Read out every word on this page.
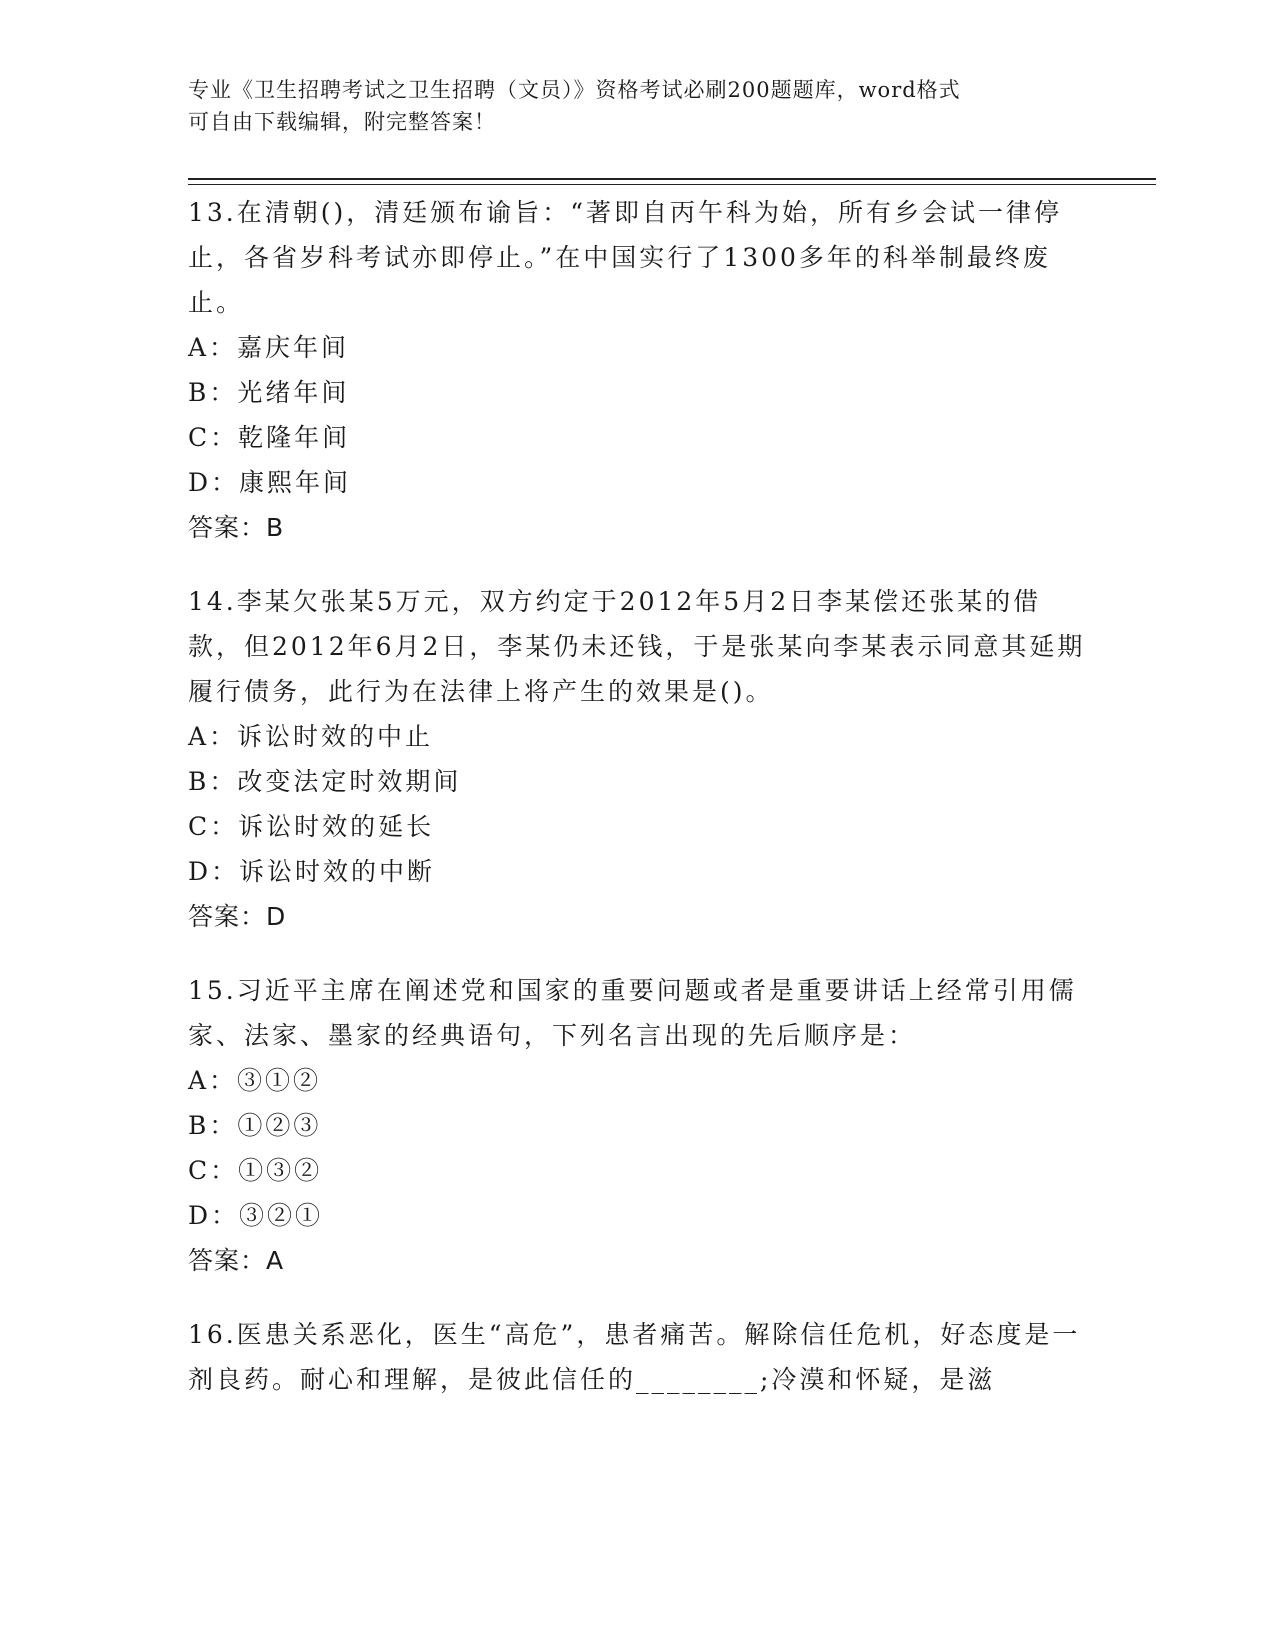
专业《卫生招聘考试之卫生招聘（文员）》资格考试必刷200题题库，word格式
可自由下载编辑，附完整答案！

13.在清朝()，清廷颁布谕旨：“著即自丙午科为始，所有乡会试一律停止，各省岁科考试亦即停止。”在中国实行了1300多年的科举制最终废止。

A：嘉庆年间

B：光绪年间

C：乾隆年间

D：康熙年间

答案：B

14.李某欠张某5万元，双方约定于2012年5月2日李某偿还张某的借款，但2012年6月2日，李某仍未还钱，于是张某向李某表示同意其延期履行债务，此行为在法律上将产生的效果是()。

A：诉讼时效的中止

B：改变法定时效期间

C：诉讼时效的延长

D：诉讼时效的中断

答案：D

15.习近平主席在阐述党和国家的重要问题或者是重要讲话上经常引用儒家、法家、墨家的经典语句，下列名言出现的先后顺序是：

A：③①②

B：①②③

C：①③②

D：③②①

答案：A

16.医患关系恶化，医生“高危”，患者痛苦。解除信任危机，好态度是一剂良药。耐心和理解，是彼此信任的________;冷漠和怀疑，是滋
